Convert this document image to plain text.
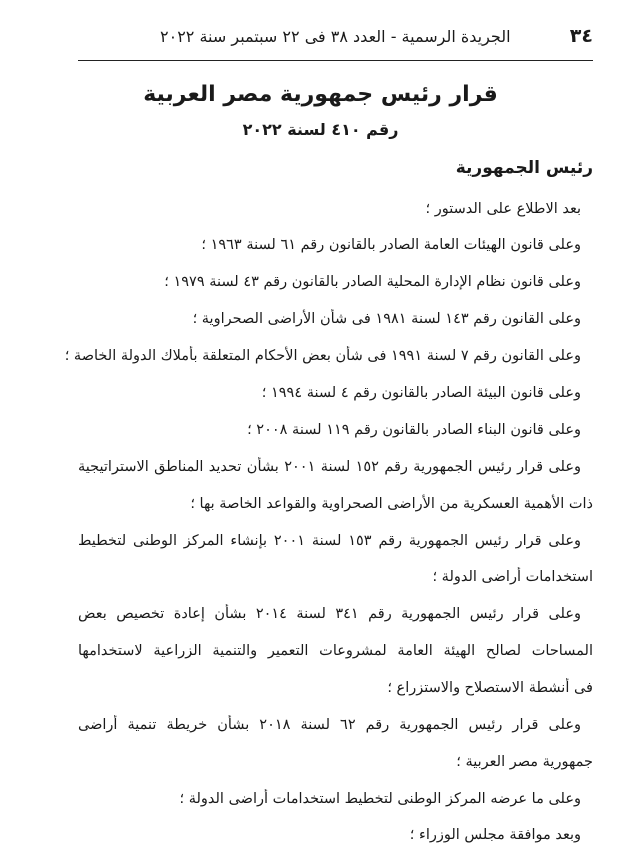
٣٤
الجريدة الرسمية - العدد ٣٨ فى ٢٢ سبتمبر سنة ٢٠٢٢
قرار رئيس جمهورية مصر العربية
رقم ٤١٠ لسنة ٢٠٢٢
رئيس الجمهورية
بعد الاطلاع على الدستور ؛
وعلى قانون الهيئات العامة الصادر بالقانون رقم ٦١ لسنة ١٩٦٣ ؛
وعلى قانون نظام الإدارة المحلية الصادر بالقانون رقم ٤٣ لسنة ١٩٧٩ ؛
وعلى القانون رقم ١٤٣ لسنة ١٩٨١ فى شأن الأراضى الصحراوية ؛
وعلى القانون رقم ٧ لسنة ١٩٩١ فى شأن بعض الأحكام المتعلقة بأملاك الدولة الخاصة ؛
وعلى قانون البيئة الصادر بالقانون رقم ٤ لسنة ١٩٩٤ ؛
وعلى قانون البناء الصادر بالقانون رقم ١١٩ لسنة ٢٠٠٨ ؛
وعلى قرار رئيس الجمهورية رقم ١٥٢ لسنة ٢٠٠١ بشأن تحديد المناطق الاستراتيجية
ذات الأهمية العسكرية من الأراضى الصحراوية والقواعد الخاصة بها ؛
وعلى قرار رئيس الجمهورية رقم ١٥٣ لسنة ٢٠٠١ بإنشاء المركز الوطنى لتخطيط
استخدامات أراضى الدولة ؛
وعلى قرار رئيس الجمهورية رقم ٣٤١ لسنة ٢٠١٤ بشأن إعادة تخصيص بعض
المساحات لصالح الهيئة العامة لمشروعات التعمير والتنمية الزراعية لاستخدامها
فى أنشطة الاستصلاح والاستزراع ؛
وعلى قرار رئيس الجمهورية رقم ٦٢ لسنة ٢٠١٨ بشأن خريطة تنمية أراضى
جمهورية مصر العربية ؛
وعلى ما عرضه المركز الوطنى لتخطيط استخدامات أراضى الدولة ؛
وبعد موافقة مجلس الوزراء ؛
